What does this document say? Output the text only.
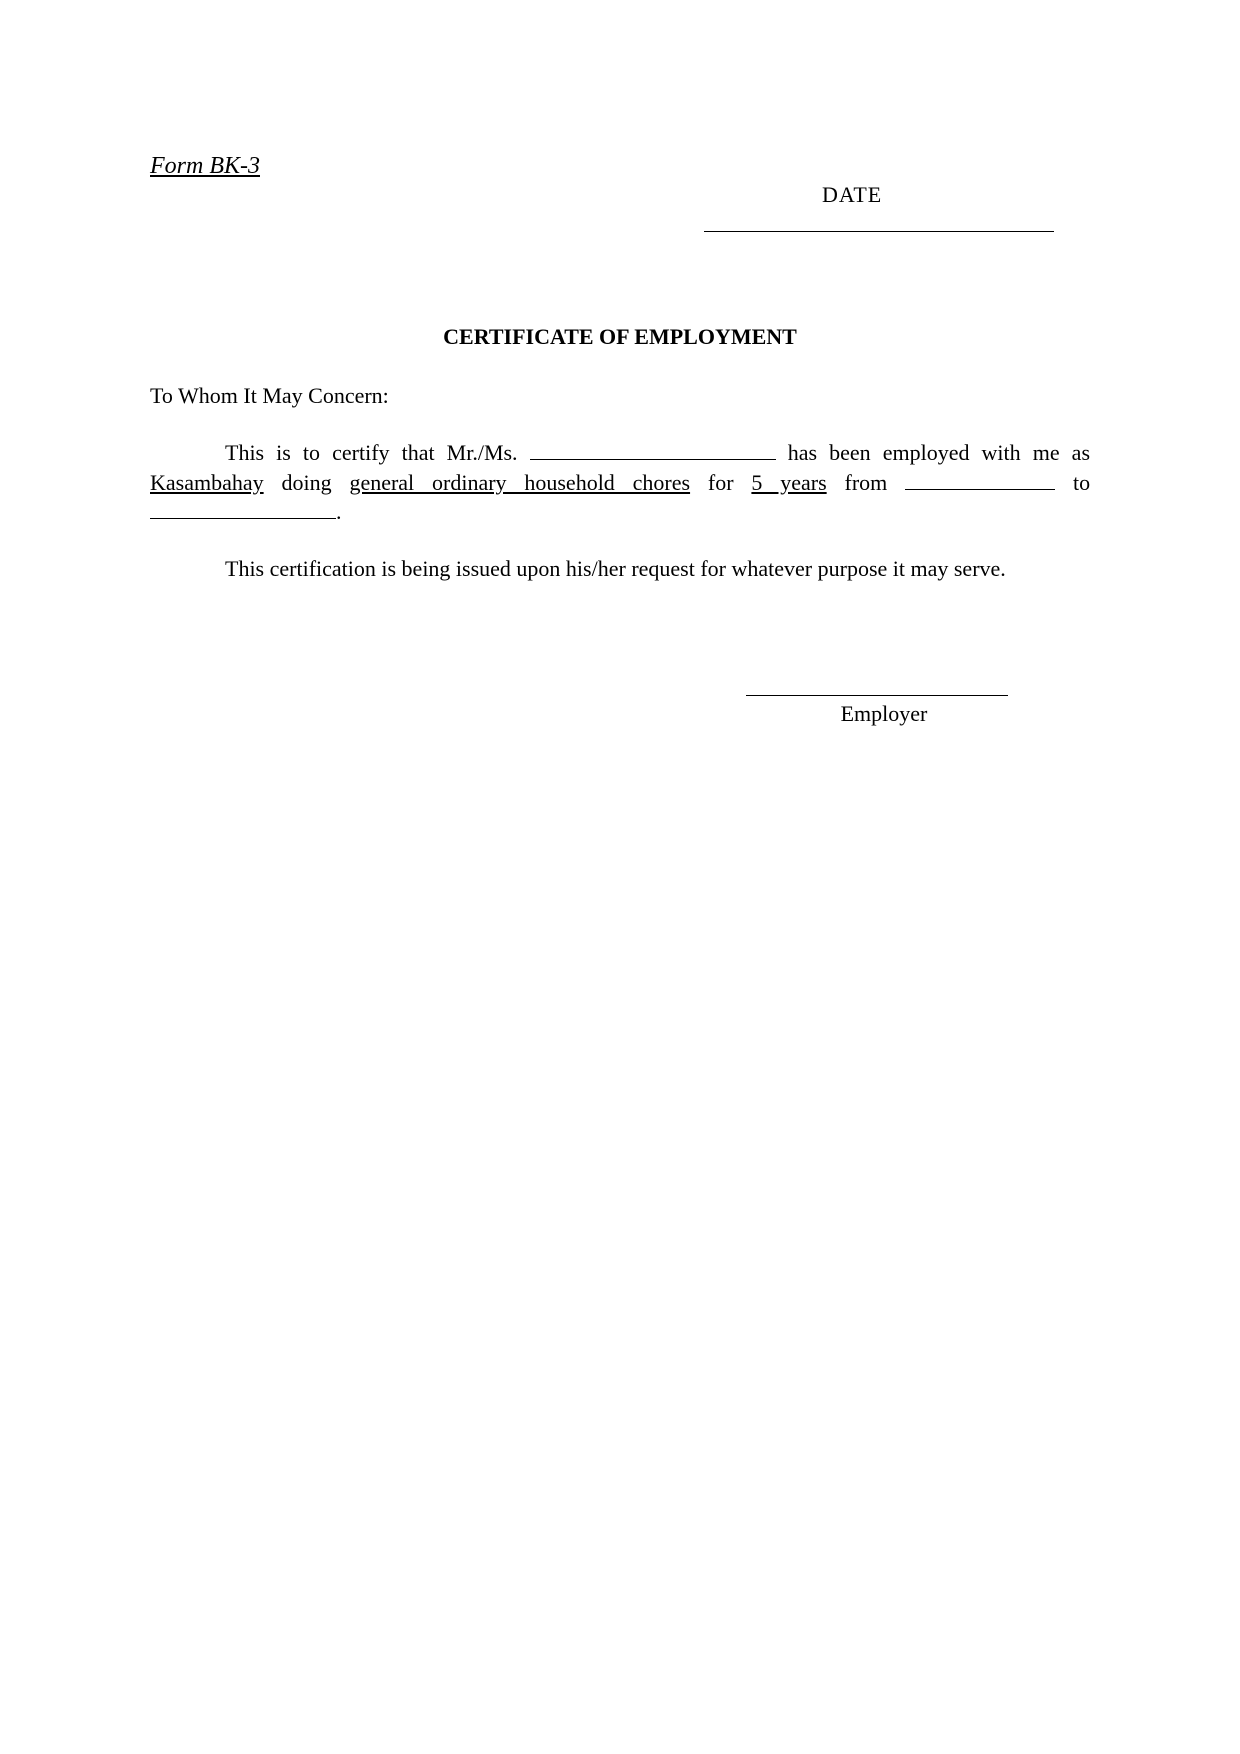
Form BK-3
DATE
CERTIFICATE OF EMPLOYMENT
To Whom It May Concern:

This is to certify that Mr./Ms.	has been employed with me as Kasambahay doing general ordinary household chores for 5 years from	to .

This certification is being issued upon his/her request for whatever purpose it may serve.

Employer
